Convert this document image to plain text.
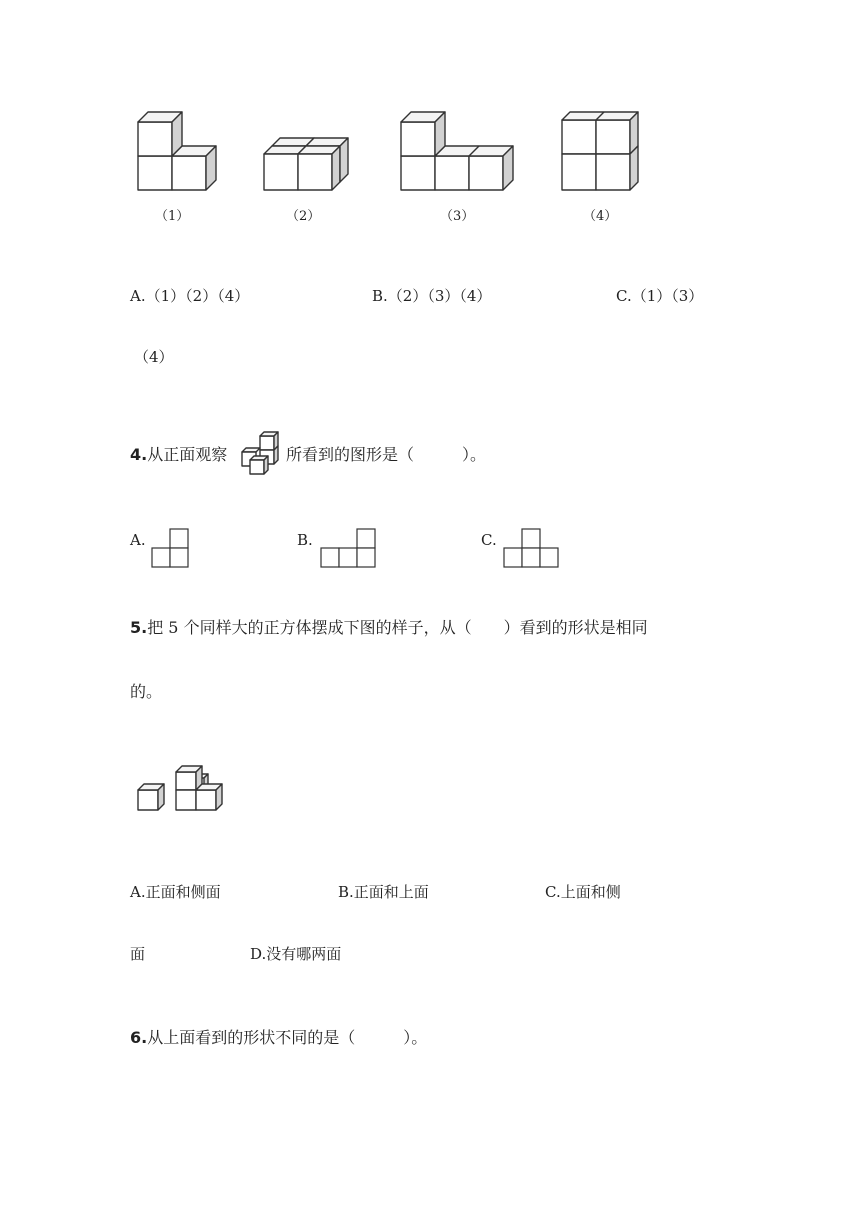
（1）	（2）	（3）	（4）
A.（1）（2）（4）	B.（2）（3）（4）	C.（1）（3）
（4）
4.从正面观察	所看到的图形是（　　　）。
A.	B.	C.
5.把 5 个同样大的正方体摆成下图的样子，从（　　）看到的形状是相同
的。
A.正面和侧面	B.正面和上面	C.上面和侧
面	D.没有哪两面
6.从上面看到的形状不同的是（　　　）。
